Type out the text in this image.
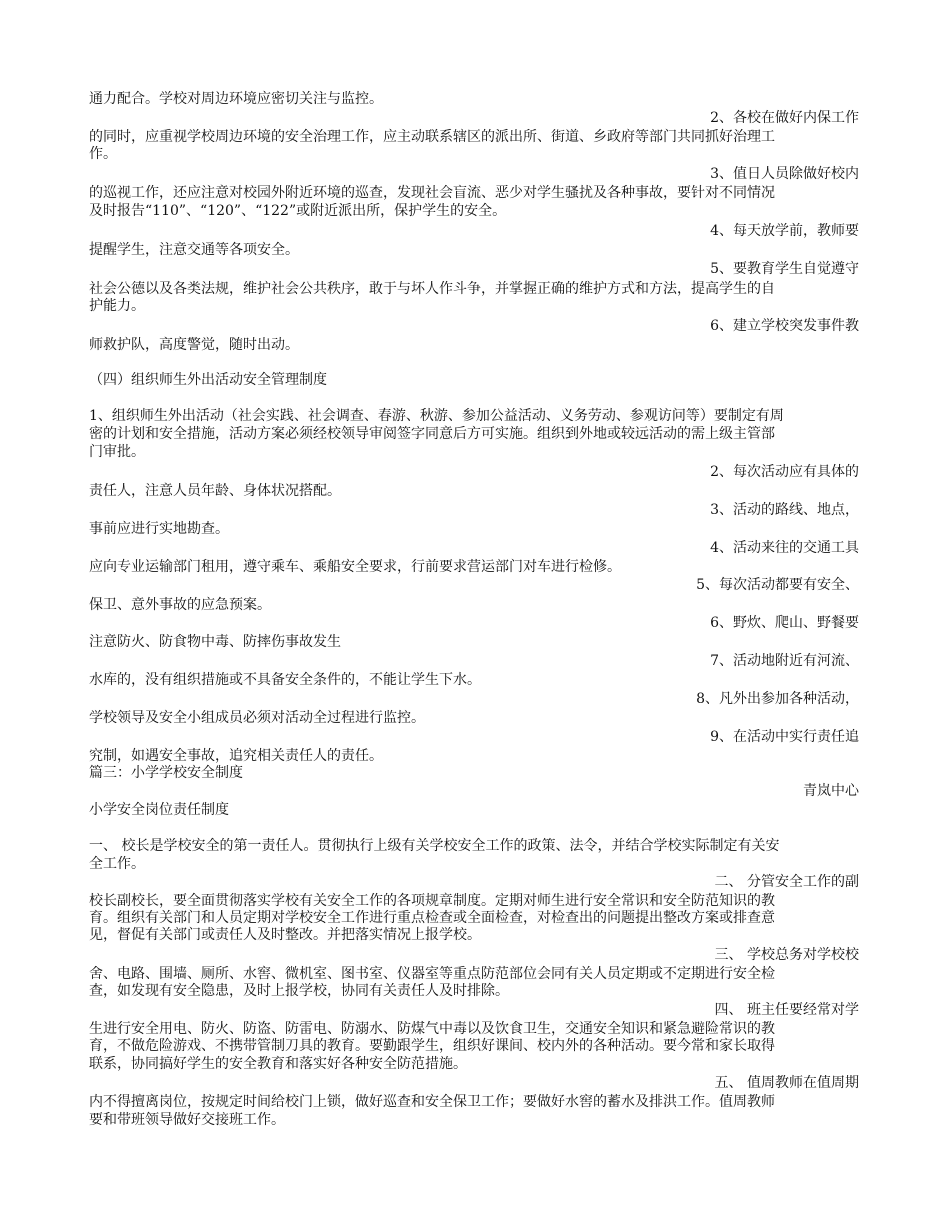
通力配合。学校对周边环境应密切关注与监控。
2、各校在做好内保工作
的同时，应重视学校周边环境的安全治理工作，应主动联系辖区的派出所、街道、乡政府等部门共同抓好治理工
作。
3、值日人员除做好校内
的巡视工作，还应注意对校园外附近环境的巡查，发现社会盲流、恶少对学生骚扰及各种事故，要针对不同情况
及时报告“110”、“120”、“122”或附近派出所，保护学生的安全。
4、每天放学前，教师要
提醒学生，注意交通等各项安全。
5、要教育学生自觉遵守
社会公德以及各类法规，维护社会公共秩序，敢于与坏人作斗争，并掌握正确的维护方式和方法，提高学生的自
护能力。
6、建立学校突发事件教
师救护队，高度警觉，随时出动。
（四）组织师生外出活动安全管理制度
1、组织师生外出活动（社会实践、社会调查、春游、秋游、参加公益活动、义务劳动、参观访问等）要制定有周
密的计划和安全措施，活动方案必须经校领导审阅签字同意后方可实施。组织到外地或较远活动的需上级主管部
门审批。
2、每次活动应有具体的
责任人，注意人员年龄、身体状况搭配。
3、活动的路线、地点，
事前应进行实地勘查。
4、活动来往的交通工具
应向专业运输部门租用，遵守乘车、乘船安全要求，行前要求营运部门对车进行检修。
5、每次活动都要有安全、
保卫、意外事故的应急预案。
6、野炊、爬山、野餐要
注意防火、防食物中毒、防摔伤事故发生
7、活动地附近有河流、
水库的，没有组织措施或不具备安全条件的，不能让学生下水。
8、凡外出参加各种活动，
学校领导及安全小组成员必须对活动全过程进行监控。
9、在活动中实行责任追
究制，如遇安全事故，追究相关责任人的责任。
篇三：小学学校安全制度
青岚中心
小学安全岗位责任制度
一、 校长是学校安全的第一责任人。贯彻执行上级有关学校安全工作的政策、法令，并结合学校实际制定有关安
全工作。
二、 分管安全工作的副
校长副校长，要全面贯彻落实学校有关安全工作的各项规章制度。定期对师生进行安全常识和安全防范知识的教
育。组织有关部门和人员定期对学校安全工作进行重点检查或全面检查，对检查出的问题提出整改方案或排查意
见，督促有关部门或责任人及时整改。并把落实情况上报学校。
三、 学校总务对学校校
舍、电路、围墙、厕所、水窖、微机室、图书室、仪器室等重点防范部位会同有关人员定期或不定期进行安全检
查，如发现有安全隐患，及时上报学校，协同有关责任人及时排除。
四、 班主任要经常对学
生进行安全用电、防火、防盗、防雷电、防溺水、防煤气中毒以及饮食卫生，交通安全知识和紧急避险常识的教
育，不做危险游戏、不携带管制刀具的教育。要勤跟学生，组织好课间、校内外的各种活动。要今常和家长取得
联系，协同搞好学生的安全教育和落实好各种安全防范措施。
五、 值周教师在值周期
内不得擅离岗位，按规定时间给校门上锁，做好巡查和安全保卫工作；要做好水窖的蓄水及排洪工作。值周教师
要和带班领导做好交接班工作。
